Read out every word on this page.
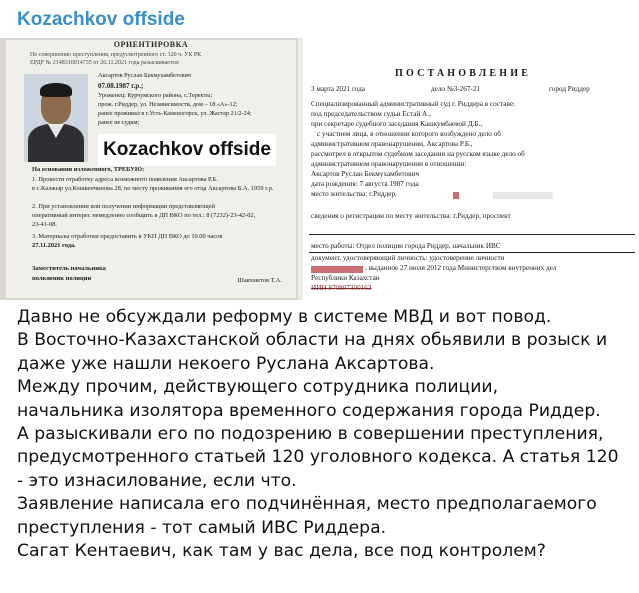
Kozachkov offside
ОРИЕНТИРОВКА
По совершению преступления, предусмотренного ст. 120 ч. УК РК
ЕРДР № 2148310014735 от 26.11.2021 года разыскивается:
Аксартов Руслан Бекмухамбетович
07.08.1987 г.р.;
Уроженец: Курчумского района, с.Теректы;
прож. г.Риддер, ул. Независимости, дом – 18 «А»-12;
ранее проживал в г.Усть-Каменогорск, ул. Жастар 21/2-24;
ранее не судим;
На основании изложенного, ТРЕБУЮ:
1. Провести отработку адреса возможного появления Аксартова Р.Б.
в с.Калжыр ул.Кошкенчинова 28, по месту проживания его отца Аксартова Б.А. 1959 г.р.
2. При установлении или получении информации представляющей
оперативный интерес немедленно сообщить в ДП ВКО по тел.: 8 (7232)-23-42-02,
23-41-08.
3. Материалы отработки предоставить в УКП ДП ВКО до 10.00 часов
27.11.2021 года.
Заместитель начальника
полковник полиции	Шаяхметов Т.А.
Kozachkov offside
ПОСТАНОВЛЕНИЕ
3 марта 2021 года	дело №3-267-21	город Риддер
Специализированный административный суд г. Риддера в составе:
под председательством судьи Естай А.,
при секретаре судебного заседания Кашкумбаевой Д.Б.,
с участием лица, в отношении которого возбуждено дело об
административном правонарушении, Аксартова Р.Б.,
рассмотрел в открытом судебном заседании на русском языке дело об
административном правонарушении в отношении:
Аксартов Руслан Бекмухамбетович
дата рождения: 7 августа 1987 года
место жительства: г.Риддер,
сведения о регистрации по месту жительства: г.Риддер, проспект
место работы: Отдел полиции города Риддер, начальник ИВС
документ, удостоверяющий личность: удостоверение личности
, выданное 27 июля 2012 года Министерством внутренних дел
Республики Казахстан
ИИН 870807300163

Давно не обсуждали реформу в системе МВД и вот повод.

В Восточно-Казахстанской области на днях обьявили в розыск и

даже уже нашли некоего Руслана Аксартова.

Между прочим, действующего сотрудника полиции,

начальника изолятора временного содержания города Риддер.

А разыскивали его по подозрению в совершении преступления,

предусмотренного статьей 120 уголовного кодекса. А статья 120

- это изнасилование, если что.

Заявление написала его подчинённая, место предполагаемого

преступления - тот самый ИВС Риддера.

Сагат Кентаевич, как там у вас дела, все под контролем?
